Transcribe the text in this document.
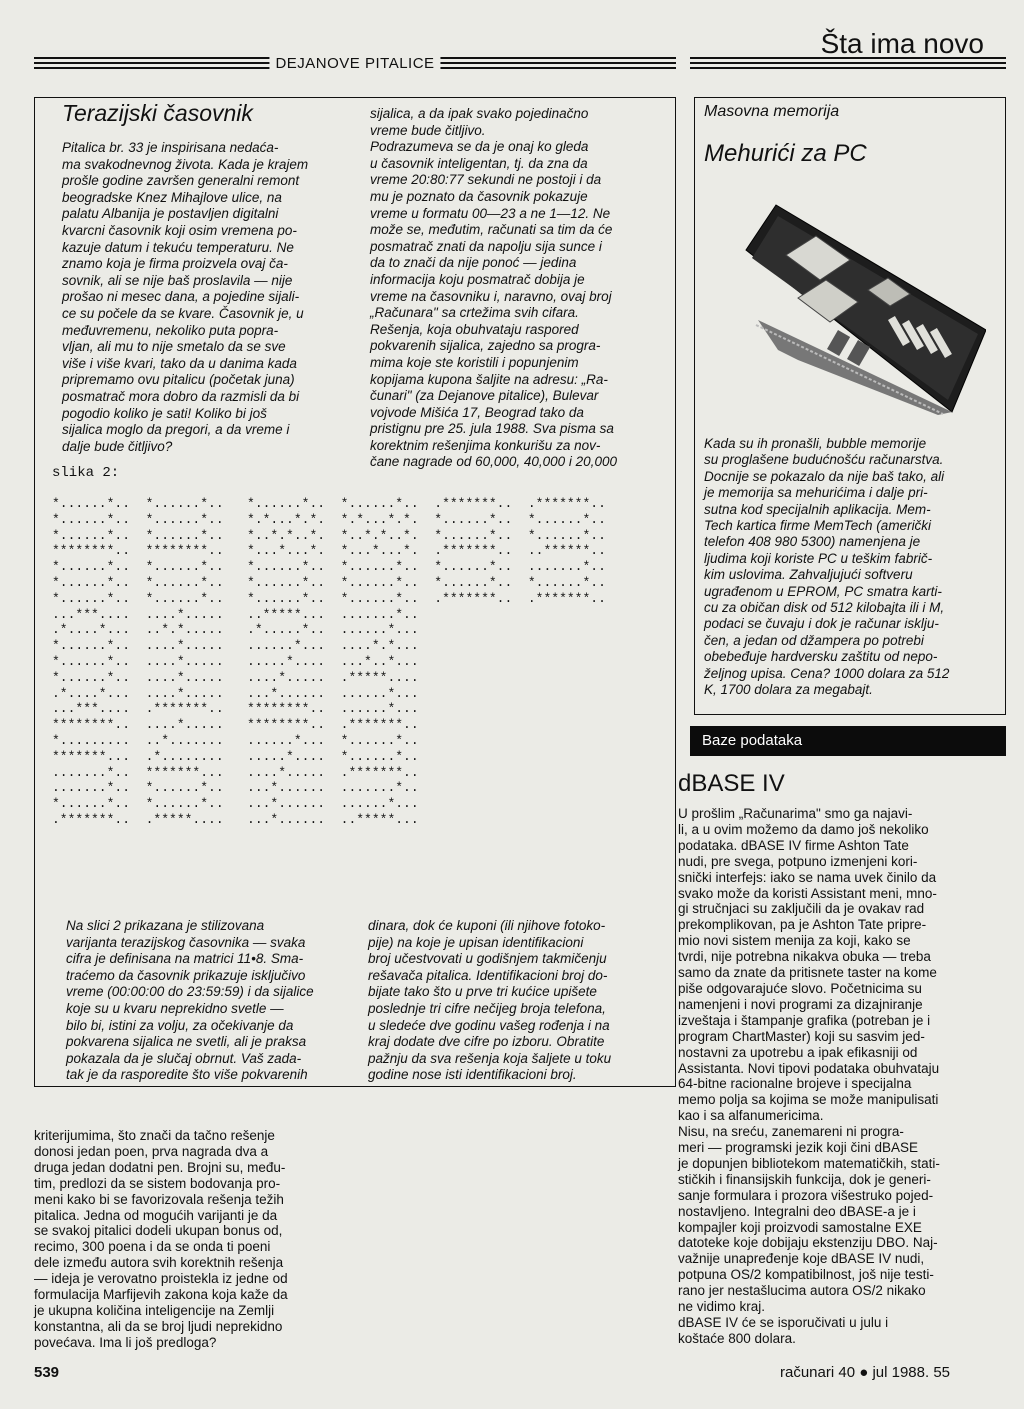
Šta ima novo
DEJANOVE PITALICE
Terazijski časovnik
Pitalica br. 33 je inspirisana nedaća-
ma svakodnevnog života. Kada je krajem
prošle godine završen generalni remont
beogradske Knez Mihajlove ulice, na
palatu Albanija je postavljen digitalni
kvarcni časovnik koji osim vremena po-
kazuje datum i tekuću temperaturu. Ne
znamo koja je firma proizvela ovaj ča-
sovnik, ali se nije baš proslavila — nije
prošao ni mesec dana, a pojedine sijali-
ce su počele da se kvare. Časovnik je, u
međuvremenu, nekoliko puta popra-
vljan, ali mu to nije smetalo da se sve
više i više kvari, tako da u danima kada
pripremamo ovu pitalicu (početak juna)
posmatrač mora dobro da razmisli da bi
pogodio koliko je sati! Koliko bi još
sijalica moglo da pregori, a da vreme i
dalje bude čitljivo?
sijalica, a da ipak svako pojedinačno
vreme bude čitljivo.
Podrazumeva se da je onaj ko gleda
u časovnik inteligentan, tj. da zna da
vreme 20:80:77 sekundi ne postoji i da
mu je poznato da časovnik pokazuje
vreme u formatu 00—23 a ne 1—12. Ne
može se, međutim, računati sa tim da će
posmatrač znati da napolju sija sunce i
da to znači da nije ponoć — jedina
informacija koju posmatrač dobija je
vreme na časovniku i, naravno, ovaj broj
„Računara" sa crtežima svih cifara.
Rešenja, koja obuhvataju raspored
pokvarenih sijalica, zajedno sa progra-
mima koje ste koristili i popunjenim
kopijama kupona šaljite na adresu: „Ra-
čunari" (za Dejanove pitalice), Bulevar
vojvode Mišića 17, Beograd tako da
pristignu pre 25. jula 1988. Sva pisma sa
korektnim rešenjima konkurišu za nov-
čane nagrade od 60,000, 40,000 i 20,000
slika 2:
*......*..  *......*..   *......*..  *......*..  .*******..  .*******..
*......*..  *......*..   *.*...*.*.  *.*...*.*.  *......*..  *......*..
*......*..  *......*..   *..*.*..*.  *..*.*..*.  *......*..  *......*..
********..  ********..   *...*...*.  *...*...*.  .*******..  ..******..
*......*..  *......*..   *......*..  *......*..  *......*..  .......*..
*......*..  *......*..   *......*..  *......*..  *......*..  *......*..
*......*..  *......*..   *......*..  *......*..  .*******..  .*******..
...***....  ....*.....   ..*****...  .......*..
.*....*...  ..*.*.....   .*.....*..  ......*...
*......*..  ....*.....   ......*...  ....*.*...
*......*..  ....*.....   .....*....  ...*..*...
*......*..  ....*.....   ....*.....  .*****....
.*....*...  ....*.....   ...*......  ......*...
...***....  .*******..   ********..  ......*...
********..  ....*.....   ********..  .*******..
*.........  ..*.......   ......*...  *......*..
*******...  .*........   .....*....  *......*..
.......*..  *******...   ....*.....  .*******..
.......*..  *......*..   ...*......  .......*..
*......*..  *......*..   ...*......  ......*...
.*******..  .*****....   ...*......  ..*****...
Na slici 2 prikazana je stilizovana
varijanta terazijskog časovnika — svaka
cifra je definisana na matrici 11•8. Sma-
traćemo da časovnik prikazuje isključivo
vreme (00:00:00 do 23:59:59) i da sijalice
koje su u kvaru neprekidno svetle —
bilo bi, istini za volju, za očekivanje da
pokvarena sijalica ne svetli, ali je praksa
pokazala da je slučaj obrnut. Vaš zada-
tak je da rasporedite što više pokvarenih
dinara, dok će kuponi (ili njihove fotoko-
pije) na koje je upisan identifikacioni
broj učestvovati u godišnjem takmičenju
rešavača pitalica. Identifikacioni broj do-
bijate tako što u prve tri kućice upišete
poslednje tri cifre nečijeg broja telefona,
u sledeće dve godinu vašeg rođenja i na
kraj dodate dve cifre po izboru. Obratite
pažnju da sva rešenja koja šaljete u toku
godine nose isti identifikacioni broj.
kriterijumima, što znači da tačno rešenje
donosi jedan poen, prva nagrada dva a
druga jedan dodatni pen. Brojni su, među-
tim, predlozi da se sistem bodovanja pro-
meni kako bi se favorizovala rešenja težih
pitalica. Jedna od mogućih varijanti je da
se svakoj pitalici dodeli ukupan bonus od,
recimo, 300 poena i da se onda ti poeni
dele između autora svih korektnih rešenja
— ideja je verovatno proistekla iz jedne od
formulacija Marfijevih zakona koja kaže da
je ukupna količina inteligencije na Zemlji
konstantna, ali da se broj ljudi neprekidno
povećava. Ima li još predloga?
Masovna memorija
Mehurići za PC
Kada su ih pronašli, bubble memorije
su proglašene budućnošću računarstva.
Docnije se pokazalo da nije baš tako, ali
je memorija sa mehurićima i dalje pri-
sutna kod specijalnih aplikacija. Mem-
Tech kartica firme MemTech (američki
telefon 408 980 5300) namenjena je
ljudima koji koriste PC u teškim fabrič-
kim uslovima. Zahvaljujući softveru
ugrađenom u EPROM, PC smatra karti-
cu za običan disk od 512 kilobajta ili i M,
podaci se čuvaju i dok je računar isklju-
čen, a jedan od džampera po potrebi
obebeđuje hardversku zaštitu od nepo-
željnog upisa. Cena? 1000 dolara za 512
K, 1700 dolara za megabajt.
Baze podataka
dBASE IV
U prošlim „Računarima" smo ga najavi-
li, a u ovim možemo da damo još nekoliko
podataka. dBASE IV firme Ashton Tate
nudi, pre svega, potpuno izmenjeni kori-
snički interfejs: iako se nama uvek činilo da
svako može da koristi Assistant meni, mno-
gi stručnjaci su zaključili da je ovakav rad
prekomplikovan, pa je Ashton Tate pripre-
mio novi sistem menija za koji, kako se
tvrdi, nije potrebna nikakva obuka — treba
samo da znate da pritisnete taster na kome
piše odgovarajuće slovo. Početnicima su
namenjeni i novi programi za dizajniranje
izveštaja i štampanje grafika (potreban je i
program ChartMaster) koji su sasvim jed-
nostavni za upotrebu a ipak efikasniji od
Assistanta. Novi tipovi podataka obuhvataju
64-bitne racionalne brojeve i specijalna
memo polja sa kojima se može manipulisati
kao i sa alfanumericima.
Nisu, na sreću, zanemareni ni progra-
meri — programski jezik koji čini dBASE
je dopunjen bibliotekom matematičkih, stati-
stičkih i finansijskih funkcija, dok je generi-
sanje formulara i prozora višestruko pojed-
nostavljeno. Integralni deo dBASE-a je i
kompajler koji proizvodi samostalne EXE
datoteke koje dobijaju ekstenziju DBO. Naj-
važnije unapređenje koje dBASE IV nudi,
potpuna OS/2 kompatibilnost, još nije testi-
rano jer nestašlucima autora OS/2 nikako
ne vidimo kraj.
dBASE IV će se isporučivati u julu i
koštaće 800 dolara.
539	računari 40 ● jul 1988. 55
